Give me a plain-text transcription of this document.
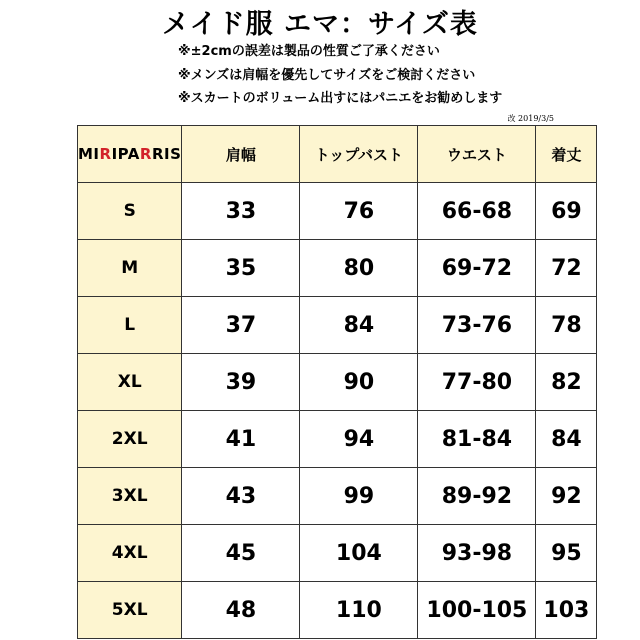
メイド服 エマ：サイズ表
※±2cmの誤差は製品の性質ご了承ください
※メンズは肩幅を優先してサイズをご検討ください
※スカートのボリューム出すにはパニエをお勧めします
改 2019/3/5
MIRIPARRIS	肩幅	トップバスト	ウエスト	着丈
S	33	76	66-68	69
M	35	80	69-72	72
L	37	84	73-76	78
XL	39	90	77-80	82
2XL	41	94	81-84	84
3XL	43	99	89-92	92
4XL	45	104	93-98	95
5XL	48	110	100-105	103
